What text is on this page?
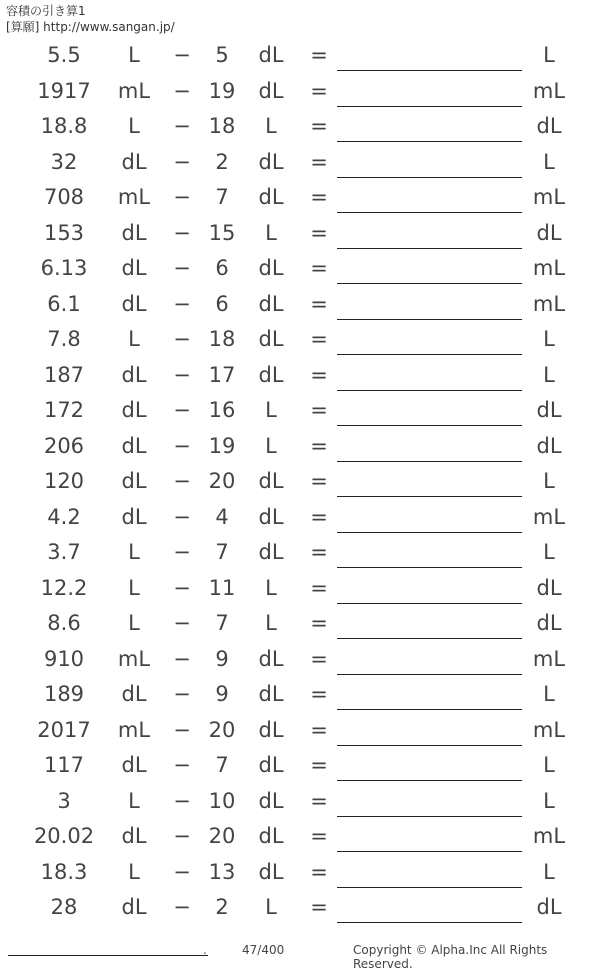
容積の引き算1
[算願] http://www.sangan.jp/
5.5	L	−	5	dL	=	L
1917	mL − 19	dL	=	mL
18.8	L	− 18	L	=	dL
32	dL	−	2	dL	=	L
708	mL −	7	dL	=	mL
153	dL	− 15	L	=	dL
6.13	dL	−	6	dL	=	mL
6.1	dL	−	6	dL	=	mL
7.8	L	− 18	dL	=	L
187	dL	− 17	dL	=	L
172	dL	− 16	L	=	dL
206	dL	− 19	L	=	dL
120	dL	− 20	dL	=	L
4.2	dL	−	4	dL	=	mL
3.7	L	−	7	dL	=	L
12.2	L	− 11	L	=	dL
8.6	L	−	7	L	=	dL
910	mL −	9	dL	=	mL
189	dL	−	9	dL	=	L
2017	mL − 20	dL	=	mL
117	dL	−	7	dL	=	L
3	L	− 10	dL	=	L
20.02	dL	− 20	dL	=	mL
18.3	L	− 13	dL	=	L
28	dL	−	2	L	=	dL
.	47/400	Copyright © Alpha.Inc All Rights Reserved.
